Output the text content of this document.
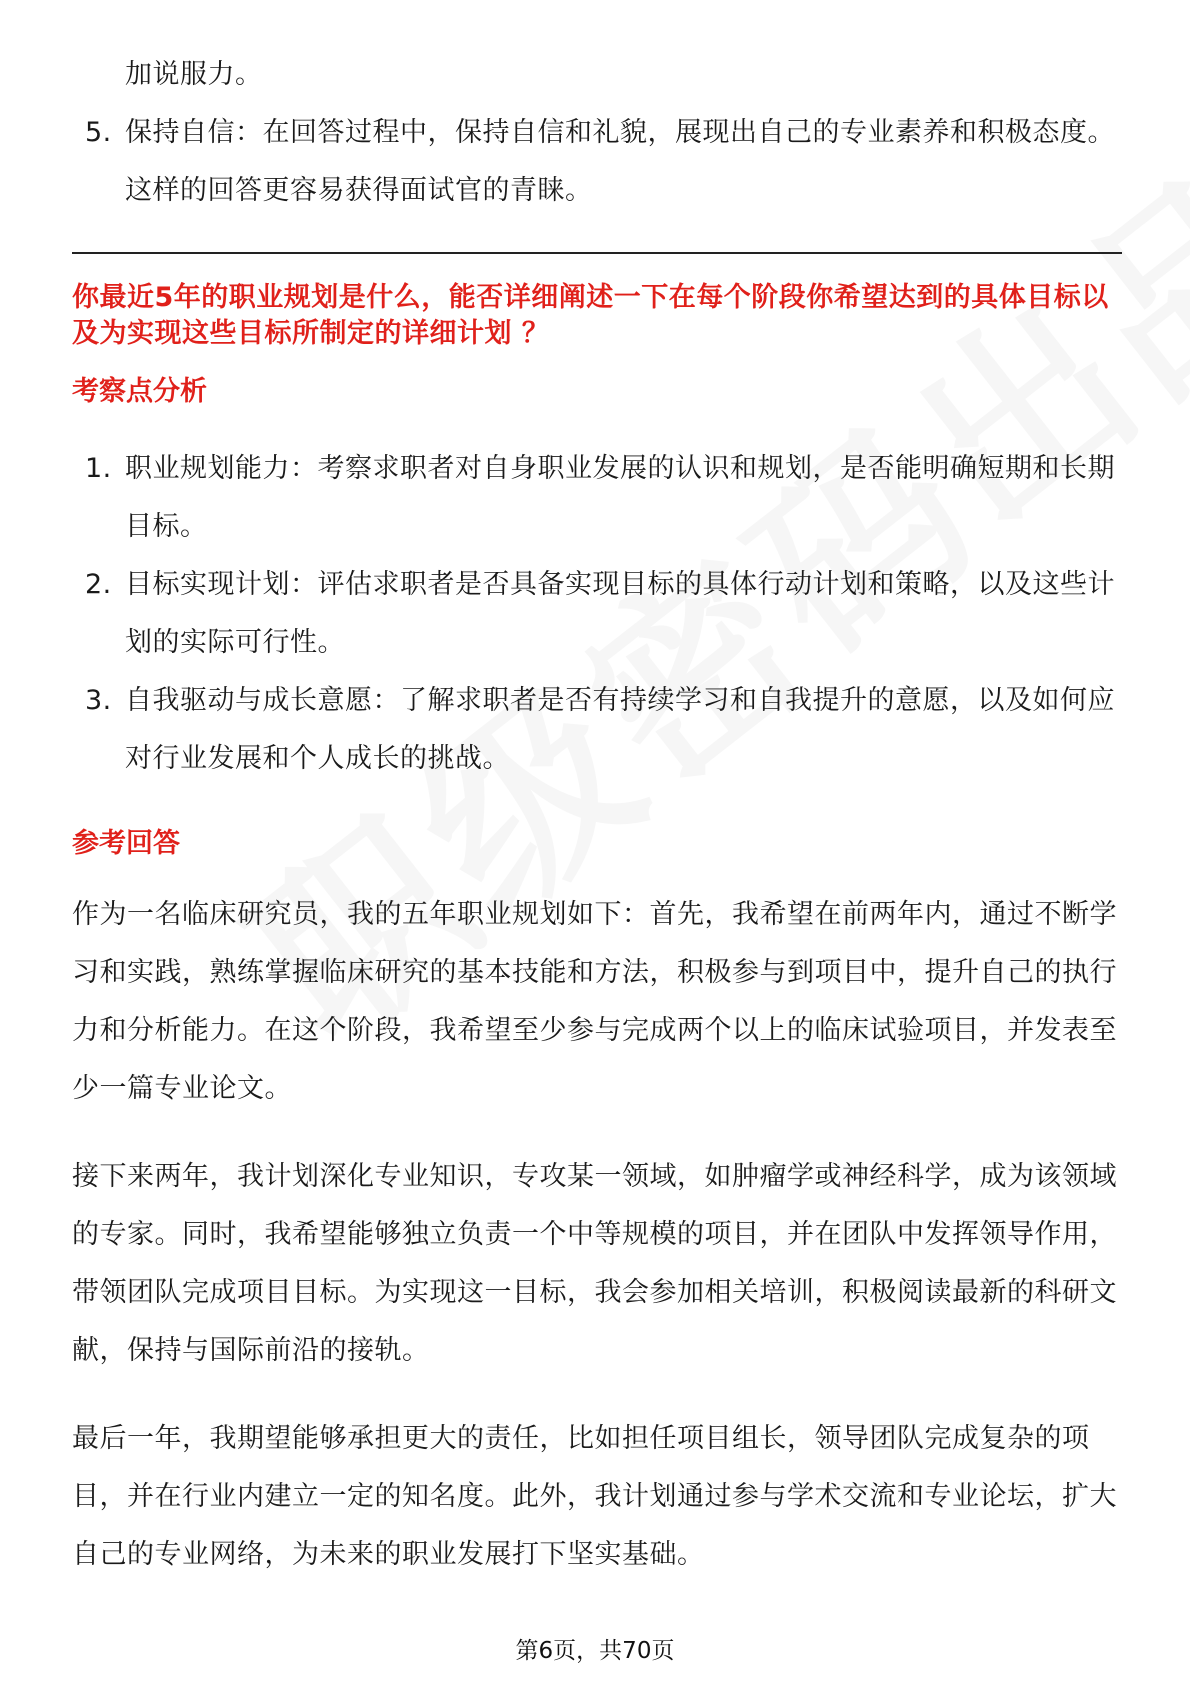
加说服力。
5. 保持自信：在回答过程中，保持自信和礼貌，展现出自己的专业素养和积极态度。这样的回答更容易获得面试官的青睐。
你最近5年的职业规划是什么，能否详细阐述一下在每个阶段你希望达到的具体目标以及为实现这些目标所制定的详细计划 ？
考察点分析
1. 职业规划能力：考察求职者对自身职业发展的认识和规划，是否能明确短期和长期目标。
2. 目标实现计划：评估求职者是否具备实现目标的具体行动计划和策略，以及这些计划的实际可行性。
3. 自我驱动与成长意愿：了解求职者是否有持续学习和自我提升的意愿，以及如何应对行业发展和个人成长的挑战。
参考回答
作为一名临床研究员，我的五年职业规划如下：首先，我希望在前两年内，通过不断学习和实践，熟练掌握临床研究的基本技能和方法，积极参与到项目中，提升自己的执行力和分析能力。在这个阶段，我希望至少参与完成两个以上的临床试验项目，并发表至少一篇专业论文。
接下来两年，我计划深化专业知识，专攻某一领域，如肿瘤学或神经科学，成为该领域的专家。同时，我希望能够独立负责一个中等规模的项目，并在团队中发挥领导作用，带领团队完成项目目标。为实现这一目标，我会参加相关培训，积极阅读最新的科研文献，保持与国际前沿的接轨。
最后一年，我期望能够承担更大的责任，比如担任项目组长，领导团队完成复杂的项目，并在行业内建立一定的知名度。此外，我计划通过参与学术交流和专业论坛，扩大自己的专业网络，为未来的职业发展打下坚实基础。
第6页，共70页
